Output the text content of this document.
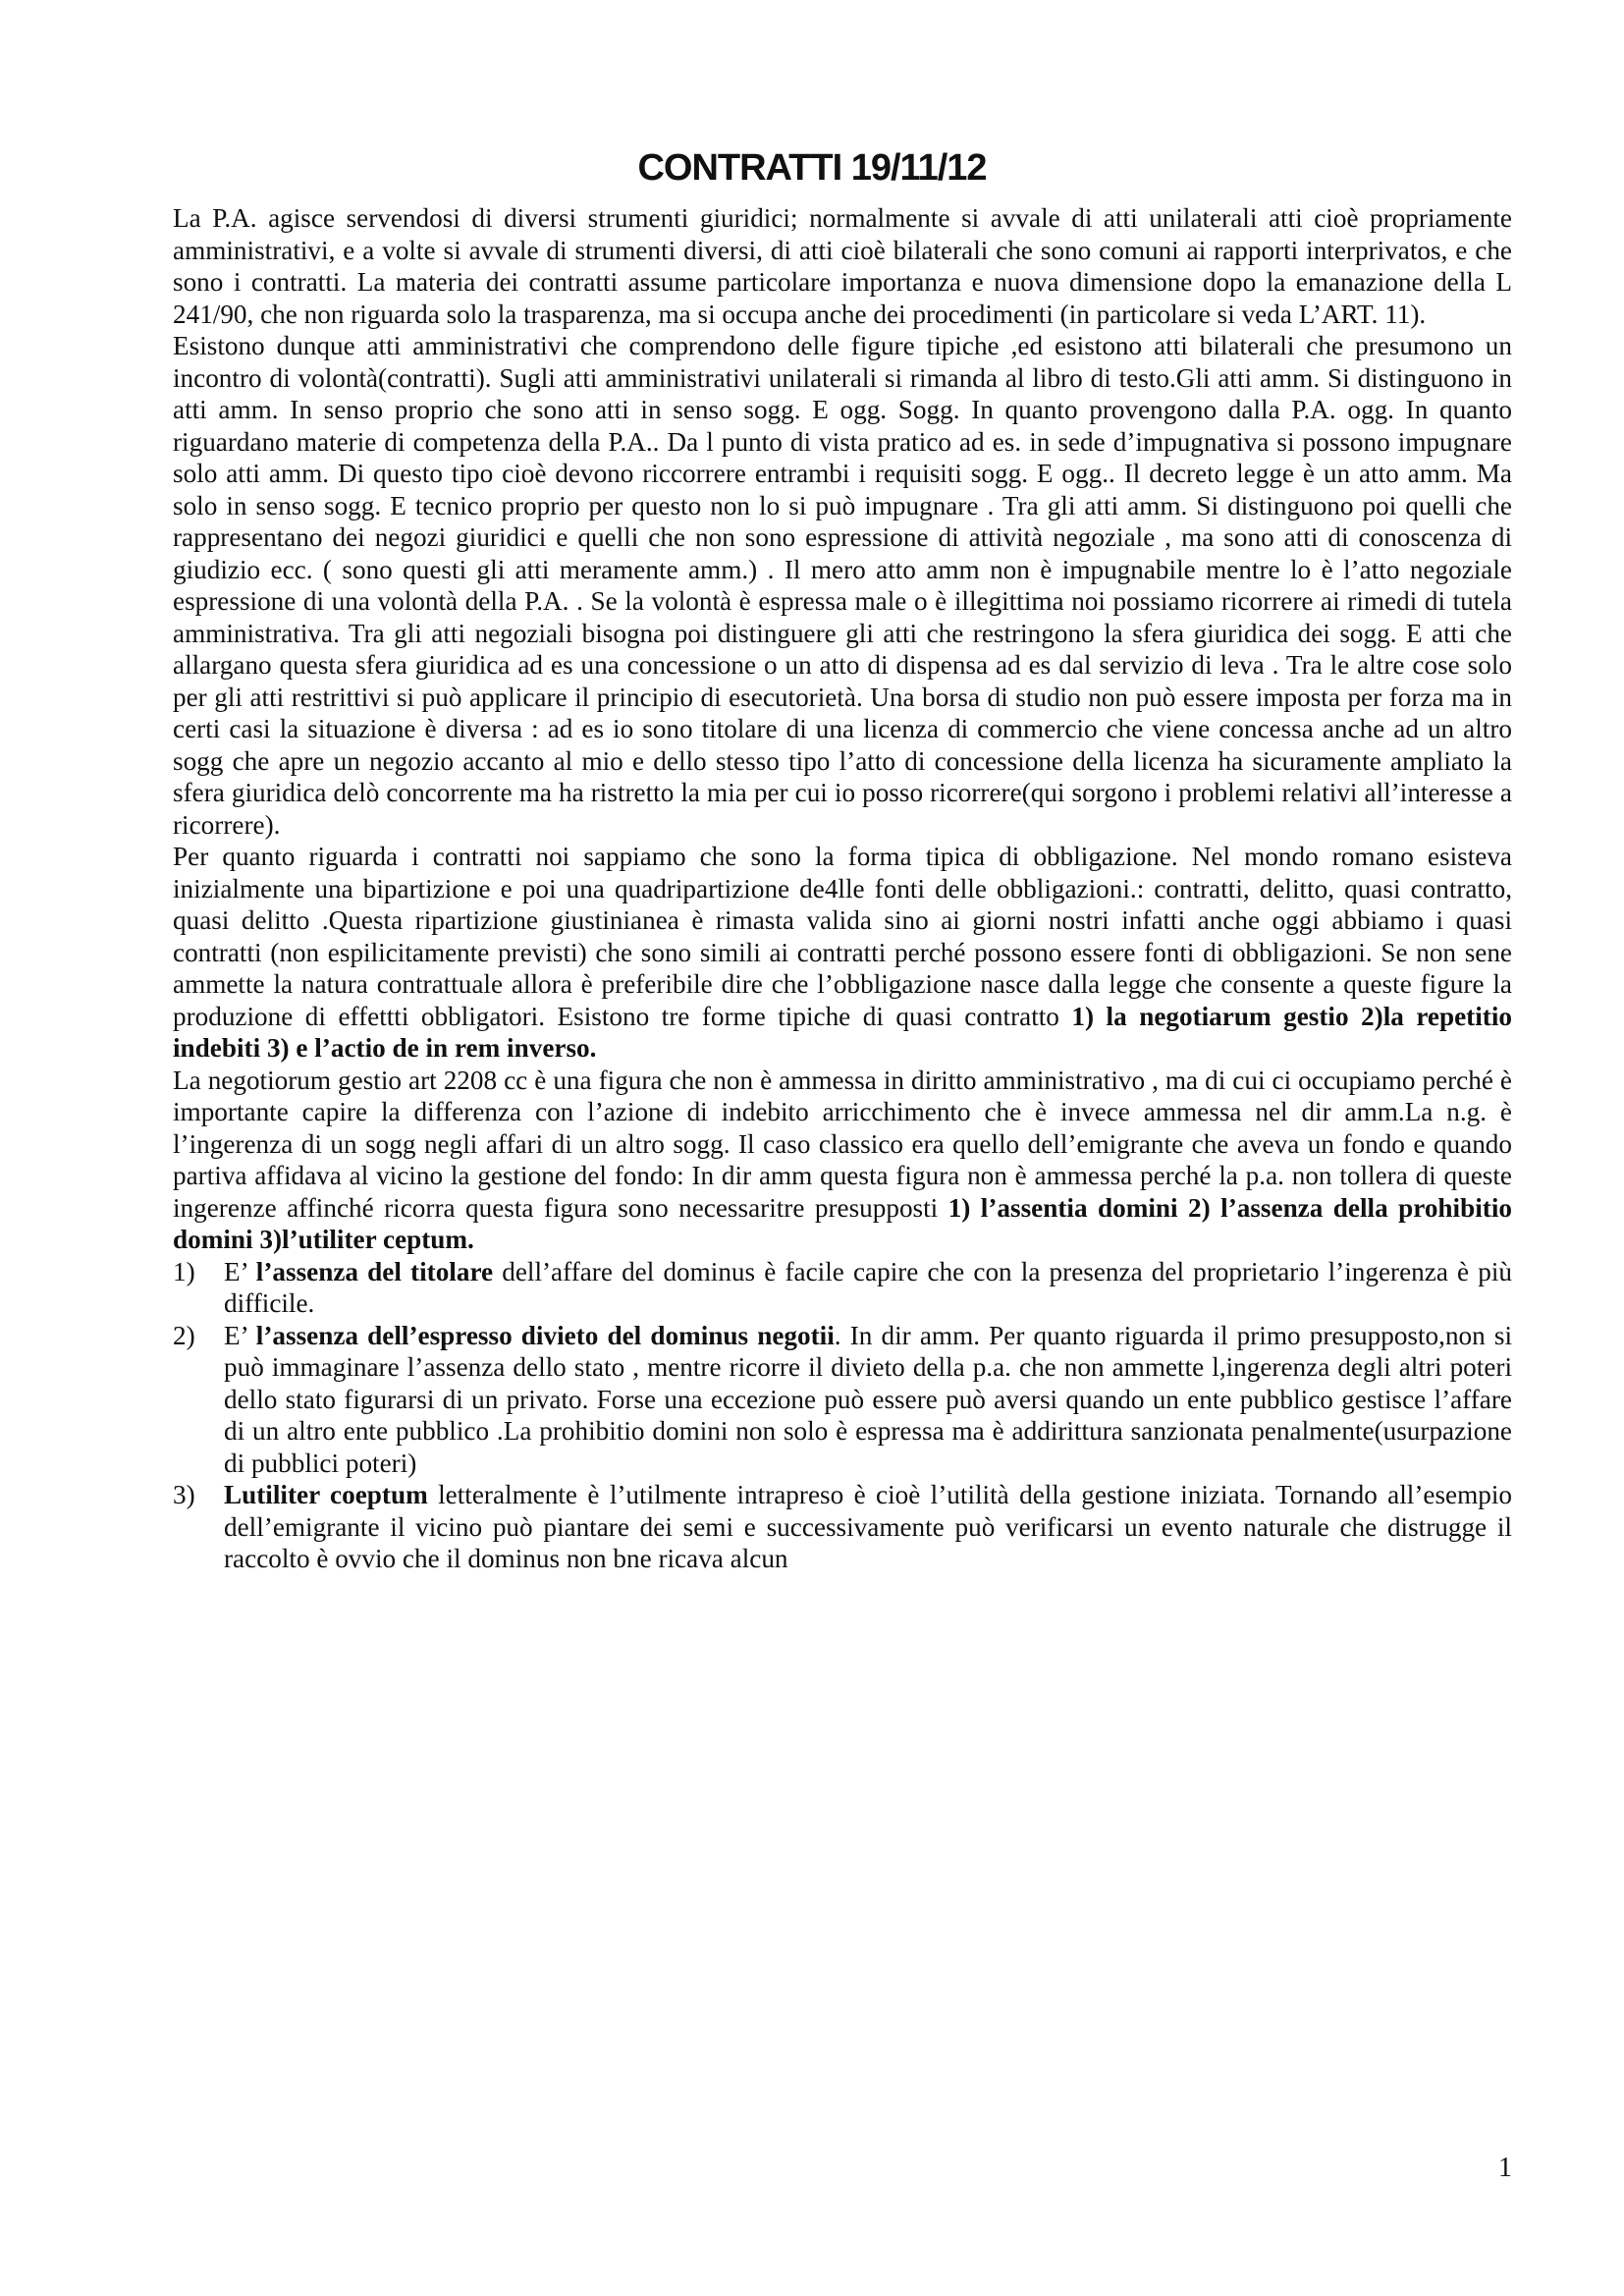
CONTRATTI 19/11/12

La P.A. agisce servendosi di diversi strumenti giuridici; normalmente si avvale di atti unilaterali atti cioè propriamente amministrativi, e a volte si avvale di strumenti diversi, di atti cioè bilaterali che sono comuni ai rapporti interprivatos, e che sono i contratti. La materia dei contratti assume particolare importanza e nuova dimensione dopo la emanazione della L 241/90, che non riguarda solo la trasparenza, ma si occupa anche dei procedimenti (in particolare si veda L’ART. 11).

Esistono dunque atti amministrativi che comprendono delle figure tipiche ,ed esistono atti bilaterali che presumono un incontro di volontà(contratti). Sugli atti amministrativi unilaterali si rimanda al libro di testo.Gli atti amm. Si distinguono in atti amm. In senso proprio che sono atti in senso sogg. E ogg. Sogg. In quanto provengono dalla P.A. ogg. In quanto riguardano materie di competenza della P.A.. Da l punto di vista pratico ad es. in sede d’impugnativa si possono impugnare solo atti amm. Di questo tipo cioè devono riccorrere entrambi i requisiti sogg. E ogg.. Il decreto legge è un atto amm. Ma solo in senso sogg. E tecnico proprio per questo non lo si può impugnare . Tra gli atti amm. Si distinguono poi quelli che rappresentano dei negozi giuridici e quelli che non sono espressione di attività negoziale , ma sono atti di conoscenza di giudizio ecc. ( sono questi gli atti meramente amm.) . Il mero atto amm non è impugnabile mentre lo è l’atto negoziale espressione di una volontà della P.A. . Se la volontà è espressa male o è illegittima noi possiamo ricorrere ai rimedi di tutela amministrativa. Tra gli atti negoziali bisogna poi distinguere gli atti che restringono la sfera giuridica dei sogg. E atti che allargano questa sfera giuridica ad es una concessione o un atto di dispensa ad es dal servizio di leva . Tra le altre cose solo per gli atti restrittivi si può applicare il principio di esecutorietà. Una borsa di studio non può essere imposta per forza ma in certi casi la situazione è diversa : ad es io sono titolare di una licenza di commercio che viene concessa anche ad un altro sogg che apre un negozio accanto al mio e dello stesso tipo l’atto di concessione della licenza ha sicuramente ampliato la sfera giuridica delò concorrente ma ha ristretto la mia per cui io posso ricorrere(qui sorgono i problemi relativi all’interesse a ricorrere).

Per quanto riguarda i contratti noi sappiamo che sono la forma tipica di obbligazione. Nel mondo romano esisteva inizialmente una bipartizione e poi una quadripartizione de4lle fonti delle obbligazioni.: contratti, delitto, quasi contratto, quasi delitto .Questa ripartizione giustinianea è rimasta valida sino ai giorni nostri infatti anche oggi abbiamo i quasi contratti (non espilicitamente previsti) che sono simili ai contratti perché possono essere fonti di obbligazioni. Se non sene ammette la natura contrattuale allora è preferibile dire che l’obbligazione nasce dalla legge che consente a queste figure la produzione di effettti obbligatori. Esistono tre forme tipiche di quasi contratto 1) la negotiarum gestio 2)la repetitio indebiti 3) e l’actio de in rem inverso.

La negotiorum gestio art 2208 cc è una figura che non è ammessa in diritto amministrativo , ma di cui ci occupiamo perché è importante capire la differenza con l’azione di indebito arricchimento che è invece ammessa nel dir amm.La n.g. è l’ingerenza di un sogg negli affari di un altro sogg. Il caso classico era quello dell’emigrante che aveva un fondo e quando partiva affidava al vicino la gestione del fondo: In dir amm questa figura non è ammessa perché la p.a. non tollera di queste ingerenze affinché ricorra questa figura sono necessaritre presupposti 1) l’assentia domini 2) l’assenza della prohibitio domini 3)l’utiliter ceptum.

1) E’ l’assenza del titolare dell’affare del dominus è facile capire che con la presenza del proprietario l’ingerenza è più difficile.
2) E’ l’assenza dell’espresso divieto del dominus negotii. In dir amm. Per quanto riguarda il primo presupposto,non si può immaginare l’assenza dello stato , mentre ricorre il divieto della p.a. che non ammette l,ingerenza degli altri poteri dello stato figurarsi di un privato. Forse una eccezione può essere può aversi quando un ente pubblico gestisce l’affare di un altro ente pubblico .La prohibitio domini non solo è espressa ma è addirittura sanzionata penalmente(usurpazione di pubblici poteri)
3) Lutiliter coeptum letteralmente è l’utilmente intrapreso è cioè l’utilità della gestione iniziata. Tornando all’esempio dell’emigrante il vicino può piantare dei semi e successivamente può verificarsi un evento naturale che distrugge il raccolto è ovvio che il dominus non bne ricava alcun
1
